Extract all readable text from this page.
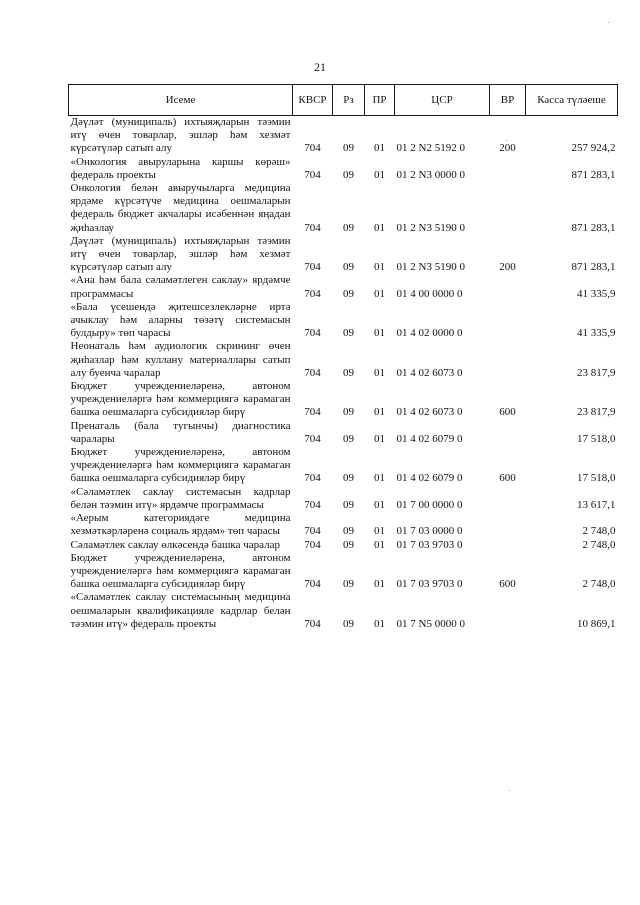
21
Исеме	КВСР	Рз	ПР	ЦСР	ВР	Касса түләеше
Дәүләт (муниципаль) ихтыяҗларын тәэмин итү өчен товарлар, эшләр һәм хезмәт күрсәтүләр сатып алу	704	09	01	01 2 N2 5192 0	200	257 924,2
«Онкология авыруларына каршы көрәш» федераль проекты	704	09	01	01 2 N3 0000 0		871 283,1
Онкология белән авыручыларга медицина ярдәме күрсәтүче медицина оешмаларын федераль бюджет акчалары исәбеннән яңадан җиһазлау	704	09	01	01 2 N3 5190 0		871 283,1
Дәүләт (муниципаль) ихтыяҗларын тәэмин итү өчен товарлар, эшләр һәм хезмәт күрсәтүләр сатып алу	704	09	01	01 2 N3 5190 0	200	871 283,1
«Ана һәм бала сәламәтлеген саклау» ярдәмче программасы	704	09	01	01 4 00 0000 0		41 335,9
«Бала үсешендә җитешсезлекләрне иртә ачыклау һәм аларны төзәтү системасын булдыру» төп чарасы	704	09	01	01 4 02 0000 0		41 335,9
Неонаталь һәм аудиологик скрининг өчен җиһазлар һәм куллану материаллары сатып алу буенча чаралар	704	09	01	01 4 02 6073 0		23 817,9
Бюджет учреждениеләренә, автоном учреждениеләргә һәм коммерциягә карамаган башка оешмаларга субсидияләр бирү	704	09	01	01 4 02 6073 0	600	23 817,9
Пренаталь (бала тугынчы) диагностика чаралары	704	09	01	01 4 02 6079 0		17 518,0
Бюджет учреждениеләренә, автоном учреждениеләргә һәм коммерциягә карамаган башка оешмаларга субсидияләр бирү	704	09	01	01 4 02 6079 0	600	17 518,0
«Сәламәтлек саклау системасын кадрлар белән тәэмин итү» ярдәмче программасы	704	09	01	01 7 00 0000 0		13 617,1
«Аерым категориядәге медицина хезмәткәрләренә социаль ярдәм» төп чарасы	704	09	01	01 7 03 0000 0		2 748,0
Сәламәтлек саклау өлкәсендә башка чаралар	704	09	01	01 7 03 9703 0		2 748,0
Бюджет учреждениеләренә, автоном учреждениеләргә һәм коммерциягә карамаган башка оешмаларга субсидияләр бирү	704	09	01	01 7 03 9703 0	600	2 748,0
«Сәламәтлек саклау системасының медицина оешмаларын квалификацияле кадрлар белән тәэмин итү» федераль проекты	704	09	01	01 7 N5 0000 0		10 869,1
